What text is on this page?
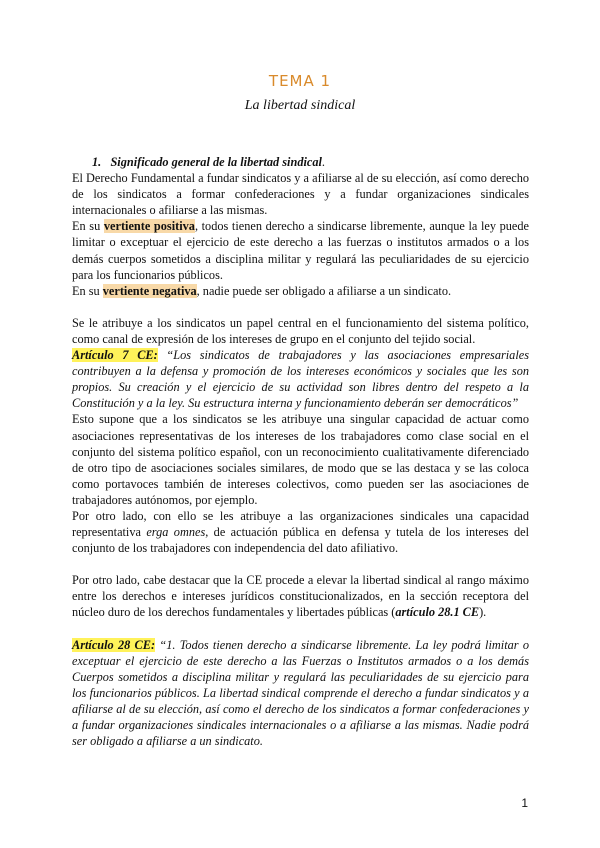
TEMA 1
La libertad sindical

1. Significado general de la libertad sindical.

El Derecho Fundamental a fundar sindicatos y a afiliarse al de su elección, así como derecho de los sindicatos a formar confederaciones y a fundar organizaciones sindicales internacionales o afiliarse a las mismas.

En su vertiente positiva, todos tienen derecho a sindicarse libremente, aunque la ley puede limitar o exceptuar el ejercicio de este derecho a las fuerzas o institutos armados o a los demás cuerpos sometidos a disciplina militar y regulará las peculiaridades de su ejercicio para los funcionarios públicos.

En su vertiente negativa, nadie puede ser obligado a afiliarse a un sindicato.

Se le atribuye a los sindicatos un papel central en el funcionamiento del sistema político, como canal de expresión de los intereses de grupo en el conjunto del tejido social.

Artículo 7 CE: “Los sindicatos de trabajadores y las asociaciones empresariales contribuyen a la defensa y promoción de los intereses económicos y sociales que les son propios. Su creación y el ejercicio de su actividad son libres dentro del respeto a la Constitución y a la ley. Su estructura interna y funcionamiento deberán ser democráticos”

Esto supone que a los sindicatos se les atribuye una singular capacidad de actuar como asociaciones representativas de los intereses de los trabajadores como clase social en el conjunto del sistema político español, con un reconocimiento cualitativamente diferenciado de otro tipo de asociaciones sociales similares, de modo que se las destaca y se las coloca como portavoces también de intereses colectivos, como pueden ser las asociaciones de trabajadores autónomos, por ejemplo.

Por otro lado, con ello se les atribuye a las organizaciones sindicales una capacidad representativa erga omnes, de actuación pública en defensa y tutela de los intereses del conjunto de los trabajadores con independencia del dato afiliativo.

Por otro lado, cabe destacar que la CE procede a elevar la libertad sindical al rango máximo entre los derechos e intereses jurídicos constitucionalizados, en la sección receptora del núcleo duro de los derechos fundamentales y libertades públicas (artículo 28.1 CE).

Artículo 28 CE: “1. Todos tienen derecho a sindicarse libremente. La ley podrá limitar o exceptuar el ejercicio de este derecho a las Fuerzas o Institutos armados o a los demás Cuerpos sometidos a disciplina militar y regulará las peculiaridades de su ejercicio para los funcionarios públicos. La libertad sindical comprende el derecho a fundar sindicatos y a afiliarse al de su elección, así como el derecho de los sindicatos a formar confederaciones y a fundar organizaciones sindicales internacionales o a afiliarse a las mismas. Nadie podrá ser obligado a afiliarse a un sindicato.

1
